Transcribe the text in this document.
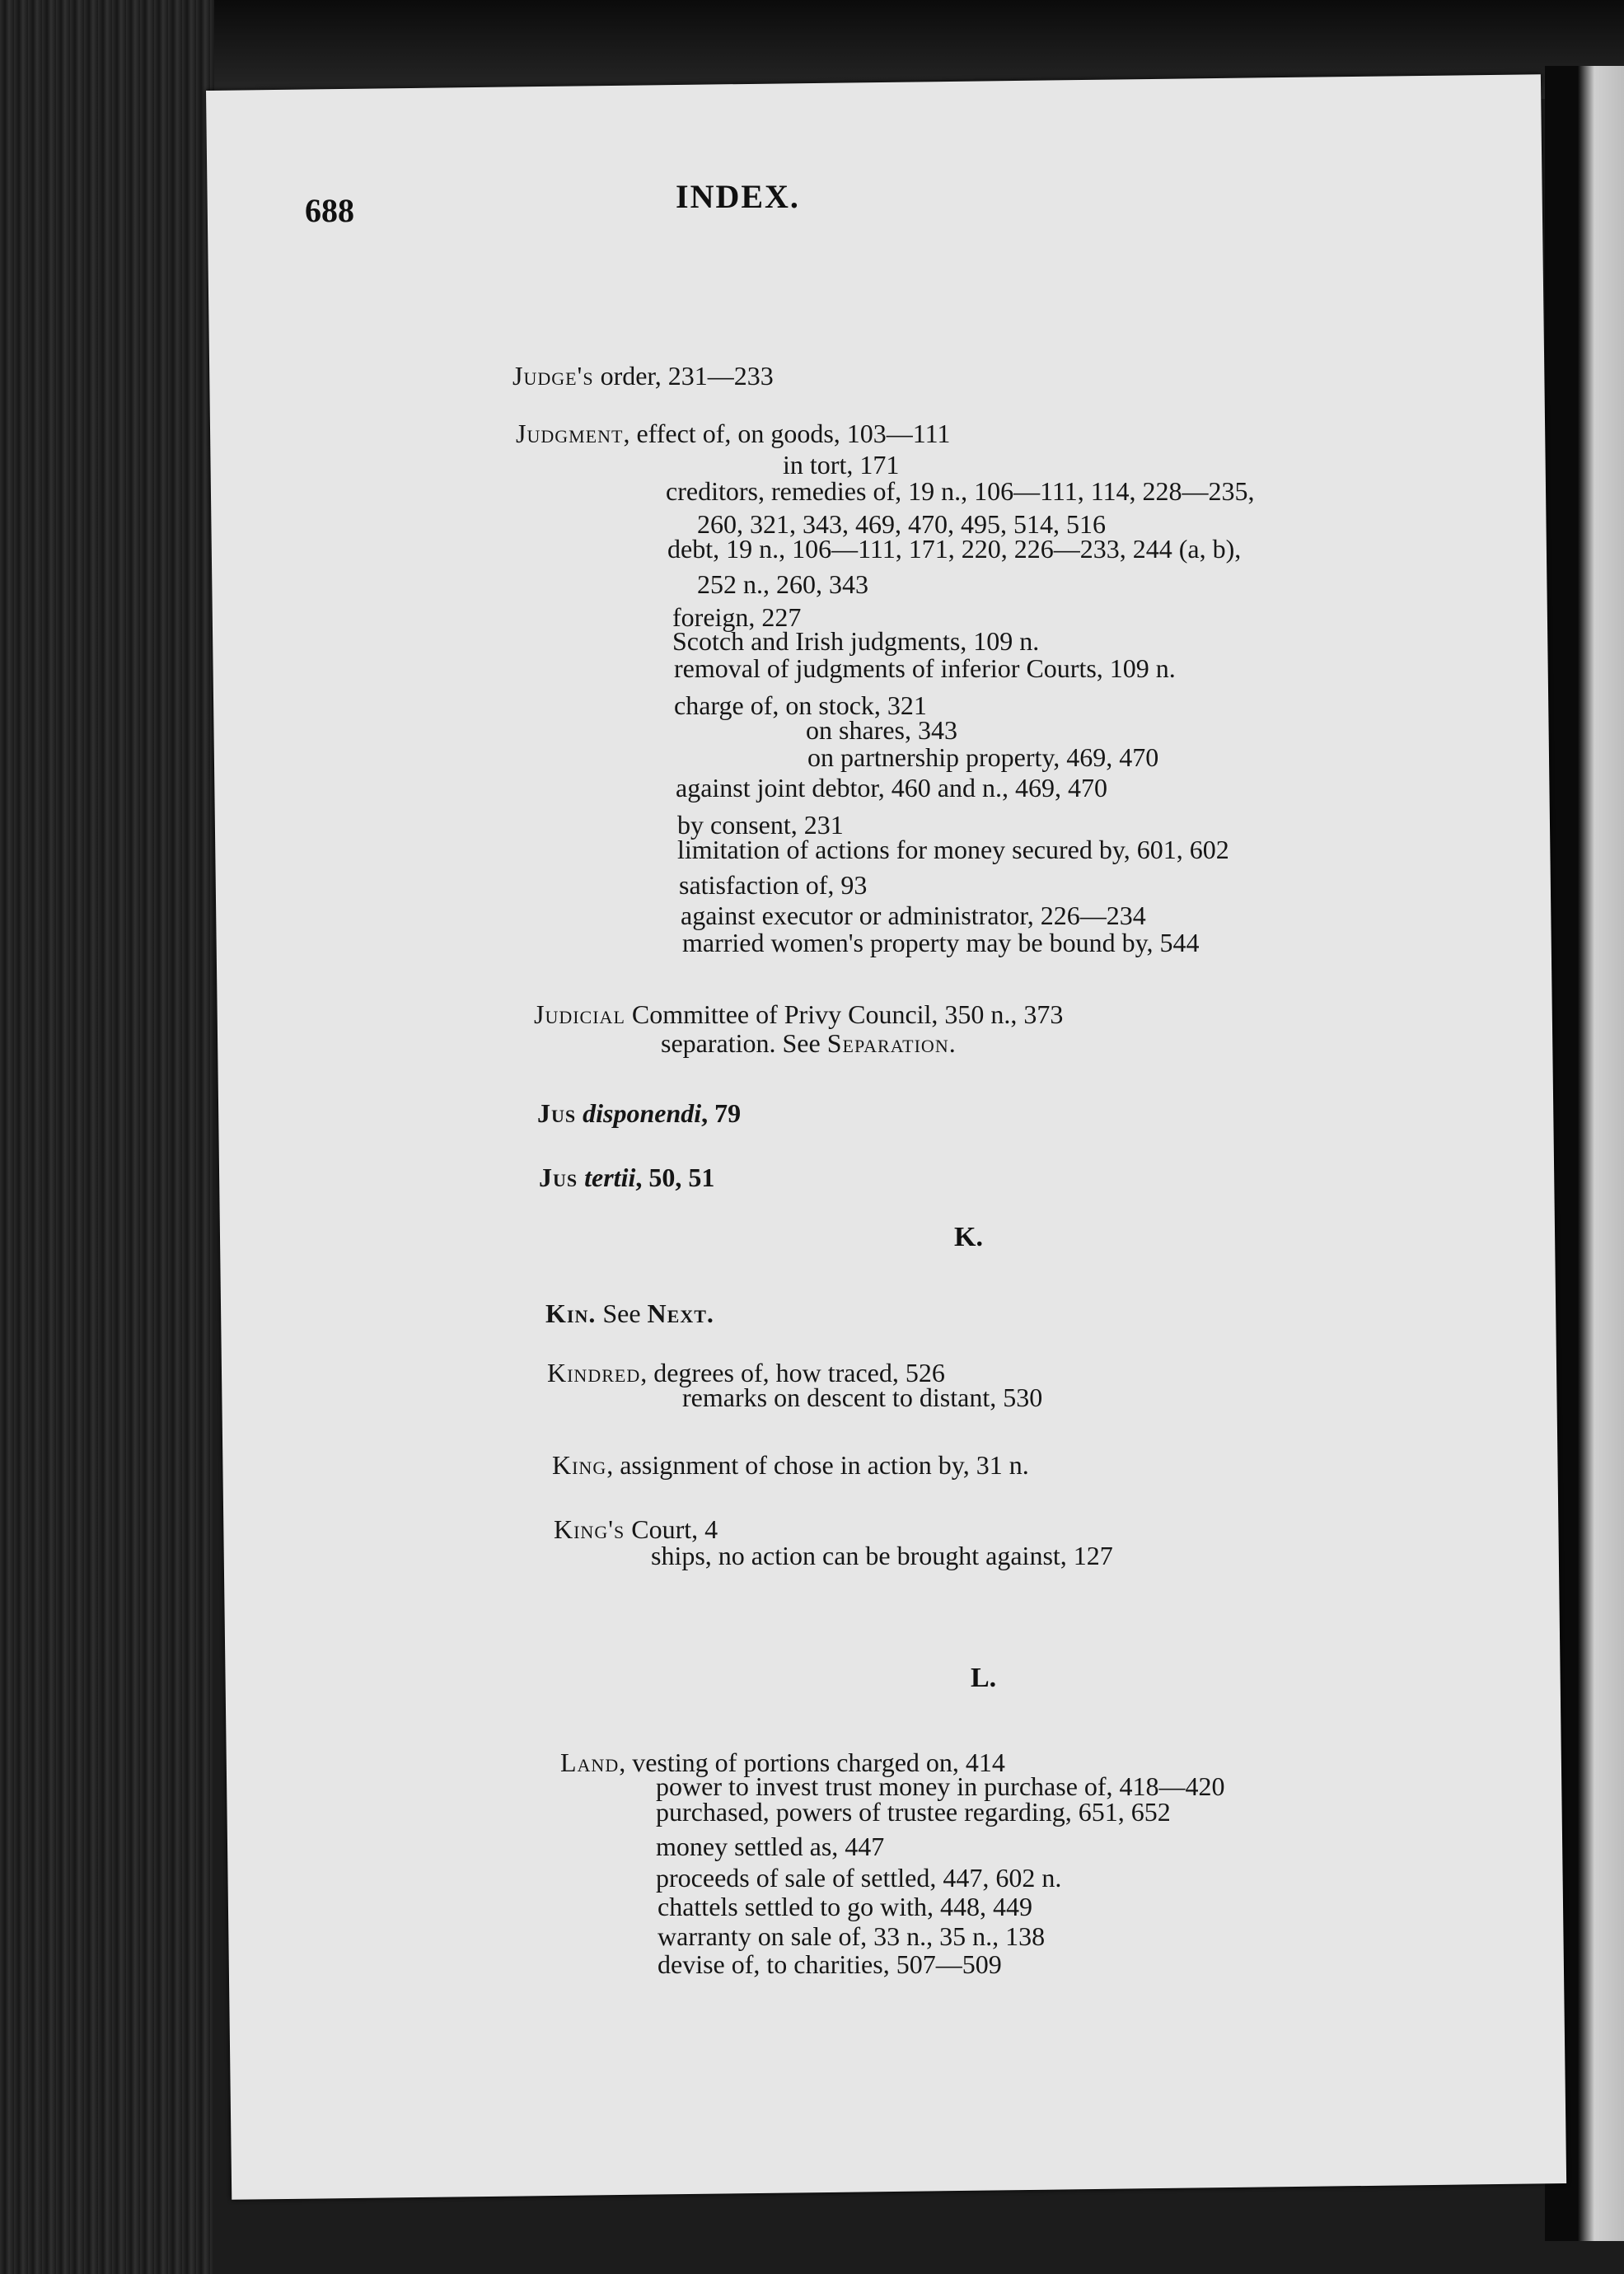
688	INDEX.
Judge's order, 231—233
Judgment, effect of, on goods, 103—111
in tort, 171
creditors, remedies of, 19 n., 106—111, 114, 228—235,
260, 321, 343, 469, 470, 495, 514, 516
debt, 19 n., 106—111, 171, 220, 226—233, 244 (a, b),
252 n., 260, 343
foreign, 227
Scotch and Irish judgments, 109 n.
removal of judgments of inferior Courts, 109 n.
charge of, on stock, 321
on shares, 343
on partnership property, 469, 470
against joint debtor, 460 and n., 469, 470
by consent, 231
limitation of actions for money secured by, 601, 602
satisfaction of, 93
against executor or administrator, 226—234
married women's property may be bound by, 544
Judicial Committee of Privy Council, 350 n., 373
separation. See Separation.
Jus disponendi, 79
Jus tertii, 50, 51
K.
Kin. See Next.
Kindred, degrees of, how traced, 526
remarks on descent to distant, 530
King, assignment of chose in action by, 31 n.
King's Court, 4
ships, no action can be brought against, 127
L.
Land, vesting of portions charged on, 414
power to invest trust money in purchase of, 418—420
purchased, powers of trustee regarding, 651, 652
money settled as, 447
proceeds of sale of settled, 447, 602 n.
chattels settled to go with, 448, 449
warranty on sale of, 33 n., 35 n., 138
devise of, to charities, 507—509
